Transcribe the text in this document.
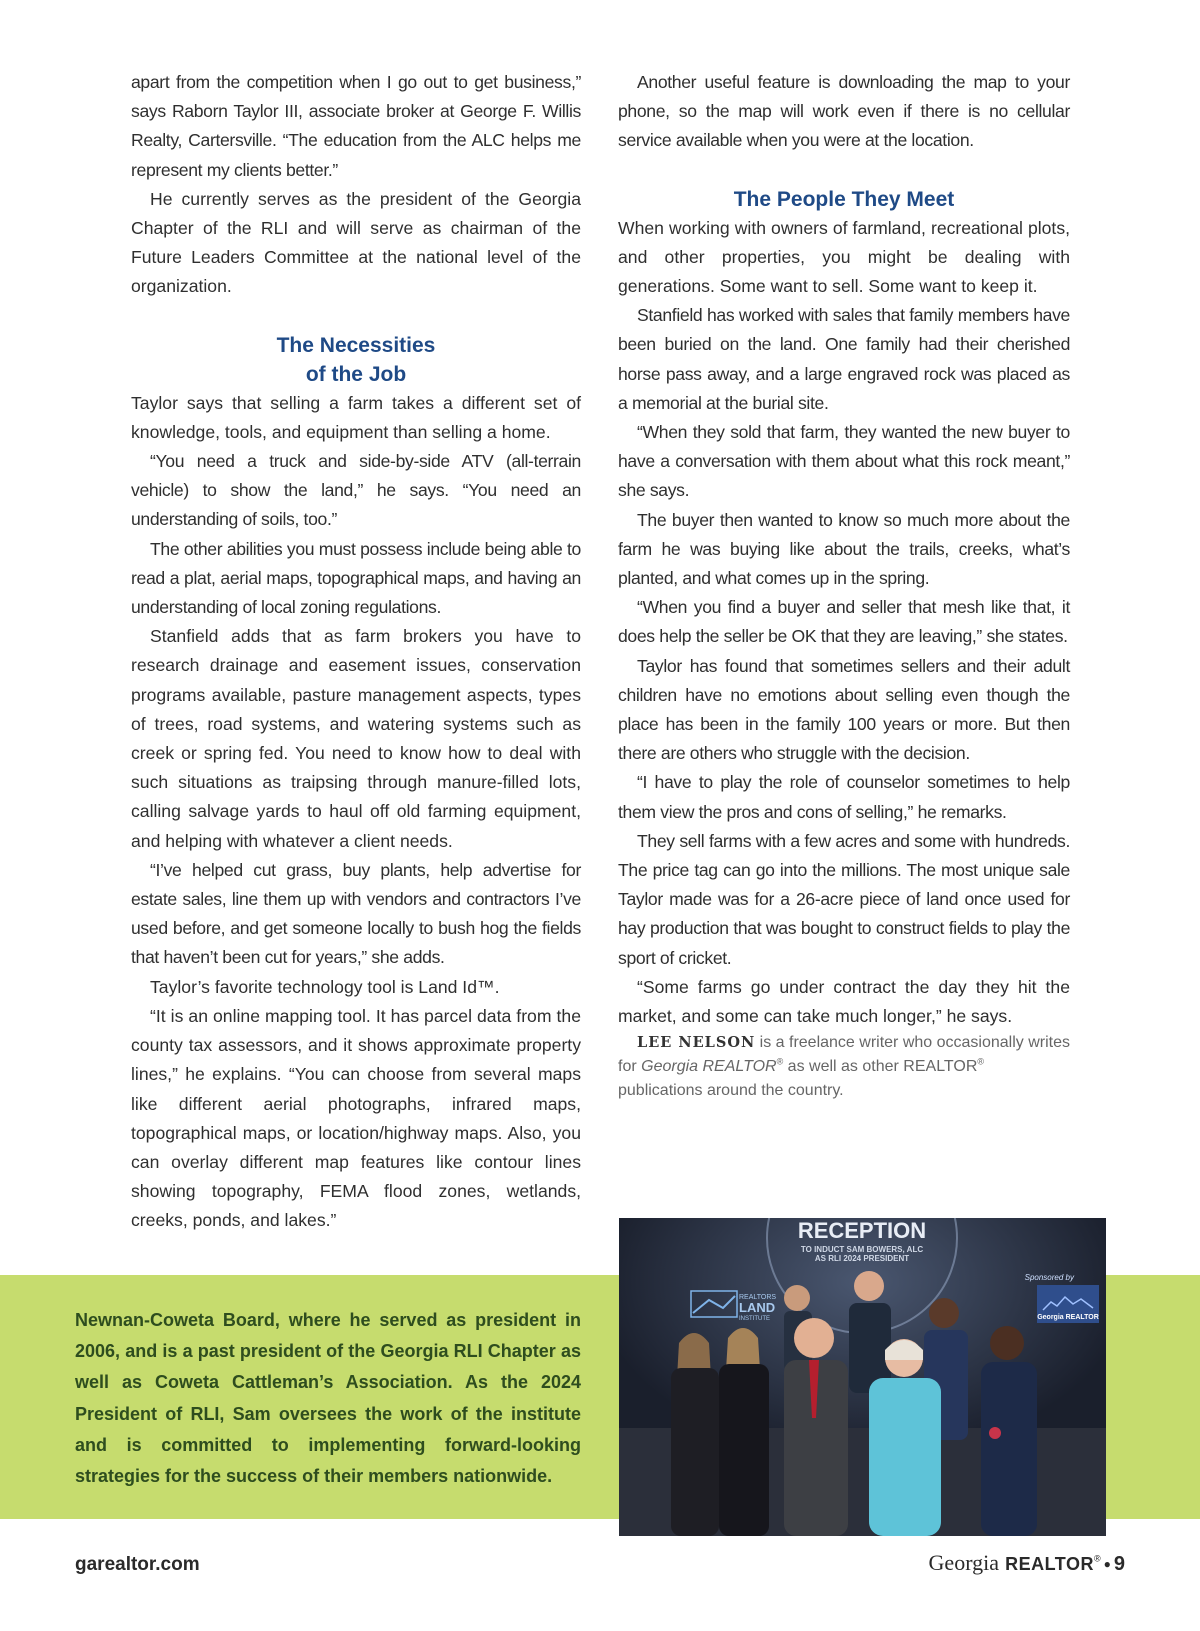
apart from the competition when I go out to get business,” says Raborn Taylor III, associate broker at George F. Willis Realty, Cartersville. “The education from the ALC helps me represent my clients better.”

He currently serves as the president of the Georgia Chapter of the RLI and will serve as chairman of the Future Leaders Committee at the national level of the organization.

The Necessities
of the Job

Taylor says that selling a farm takes a different set of knowledge, tools, and equipment than selling a home.

“You need a truck and side-by-side ATV (all-terrain vehicle) to show the land,” he says. “You need an understanding of soils, too.”

The other abilities you must possess include being able to read a plat, aerial maps, topographical maps, and having an understanding of local zoning regulations.

Stanfield adds that as farm brokers you have to research drainage and easement issues, conservation programs available, pasture management aspects, types of trees, road systems, and watering systems such as creek or spring fed. You need to know how to deal with such situations as traipsing through manure-filled lots, calling salvage yards to haul off old farming equipment, and helping with whatever a client needs.

“I’ve helped cut grass, buy plants, help advertise for estate sales, line them up with vendors and contractors I’ve used before, and get someone locally to bush hog the fields that haven’t been cut for years,” she adds.

Taylor’s favorite technology tool is Land Id™.

“It is an online mapping tool. It has parcel data from the county tax assessors, and it shows approximate property lines,” he explains. “You can choose from several maps like different aerial photographs, infrared maps, topographical maps, or location/highway maps. Also, you can overlay different map features like contour lines showing topography, FEMA flood zones, wetlands, creeks, ponds, and lakes.”

Another useful feature is downloading the map to your phone, so the map will work even if there is no cellular service available when you were at the location.

The People They Meet

When working with owners of farmland, recreational plots, and other properties, you might be dealing with generations. Some want to sell. Some want to keep it.

Stanfield has worked with sales that family members have been buried on the land. One family had their cherished horse pass away, and a large engraved rock was placed as a memorial at the burial site.

“When they sold that farm, they wanted the new buyer to have a conversation with them about what this rock meant,” she says.

The buyer then wanted to know so much more about the farm he was buying like about the trails, creeks, what’s planted, and what comes up in the spring.

“When you find a buyer and seller that mesh like that, it does help the seller be OK that they are leaving,” she states.

Taylor has found that sometimes sellers and their adult children have no emotions about selling even though the place has been in the family 100 years or more. But then there are others who struggle with the decision.

“I have to play the role of counselor sometimes to help them view the pros and cons of selling,” he remarks.

They sell farms with a few acres and some with hundreds. The price tag can go into the millions. The most unique sale Taylor made was for a 26-acre piece of land once used for hay production that was bought to construct fields to play the sport of cricket.

“Some farms go under contract the day they hit the market, and some can take much longer,” he says.

LEE NELSON is a freelance writer who occasionally writes for Georgia REALTOR® as well as other REALTOR® publications around the country.

Newnan-Coweta Board, where he served as president in 2006, and is a past president of the Georgia RLI Chapter as well as Coweta Cattleman’s Association. As the 2024 President of RLI, Sam oversees the work of the institute and is committed to implementing forward-looking strategies for the success of their members nationwide.
RECEPTION
TO INDUCT SAM BOWERS, ALC
AS RLI 2024 PRESIDENT
REALTORS
LAND
INSTITUTE
Sponsored by
Georgia REALTOR
garealtor.com	Georgia REALTOR® ● 9
